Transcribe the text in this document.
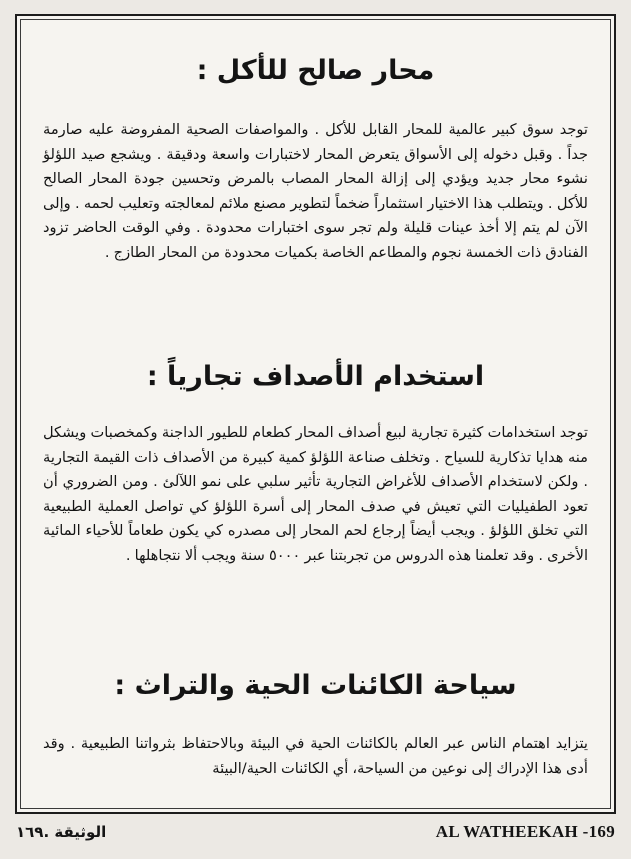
محار صالح للأكل :
توجد سوق كبير عالمية للمحار القابل للأكل . والمواصفات الصحية المفروضة عليه صارمة جداً . وقبل دخوله إلى الأسواق يتعرض المحار لاختبارات واسعة ودقيقة . ويشجع صيد اللؤلؤ نشوء محار جديد ويؤدي إلى إزالة المحار المصاب بالمرض وتحسين جودة المحار الصالح للأكل . ويتطلب هذا الاختيار استثماراً ضخماً لتطوير مصنع ملائم لمعالجته وتعليب لحمه . وإلى الآن لم يتم إلا أخذ عينات قليلة ولم تجر سوى اختبارات محدودة . وفي الوقت الحاضر تزود الفنادق ذات الخمسة نجوم والمطاعم الخاصة بكميات محدودة من المحار الطازج .
استخدام الأصداف تجارياً :
توجد استخدامات كثيرة تجارية لبيع أصداف المحار كطعام للطيور الداجنة وكمخصبات ويشكل منه هدايا تذكارية للسياح . وتخلف صناعة اللؤلؤ كمية كبيرة من الأصداف ذات القيمة التجارية . ولكن لاستخدام الأصداف للأغراض التجارية تأثير سلبي على نمو اللآلئ . ومن الضروري أن تعود الطفيليات التي تعيش في صدف المحار إلى أسرة اللؤلؤ كي تواصل العملية الطبيعية التي تخلق اللؤلؤ . ويجب أيضاً إرجاع لحم المحار إلى مصدره كي يكون طعاماً للأحياء المائية الأخرى . وقد تعلمنا هذه الدروس من تجربتنا عبر ٥٠٠٠ سنة ويجب ألا نتجاهلها .
سياحة الكائنات الحية والتراث :
يتزايد اهتمام الناس عبر العالم بالكائنات الحية في البيئة وبالاحتفاظ بثرواتنا الطبيعية . وقد أدى هذا الإدراك إلى نوعين من السياحة، أي الكائنات الحية/البيئة
الوثيقة .١٦٩	AL WATHEEKAH -169
